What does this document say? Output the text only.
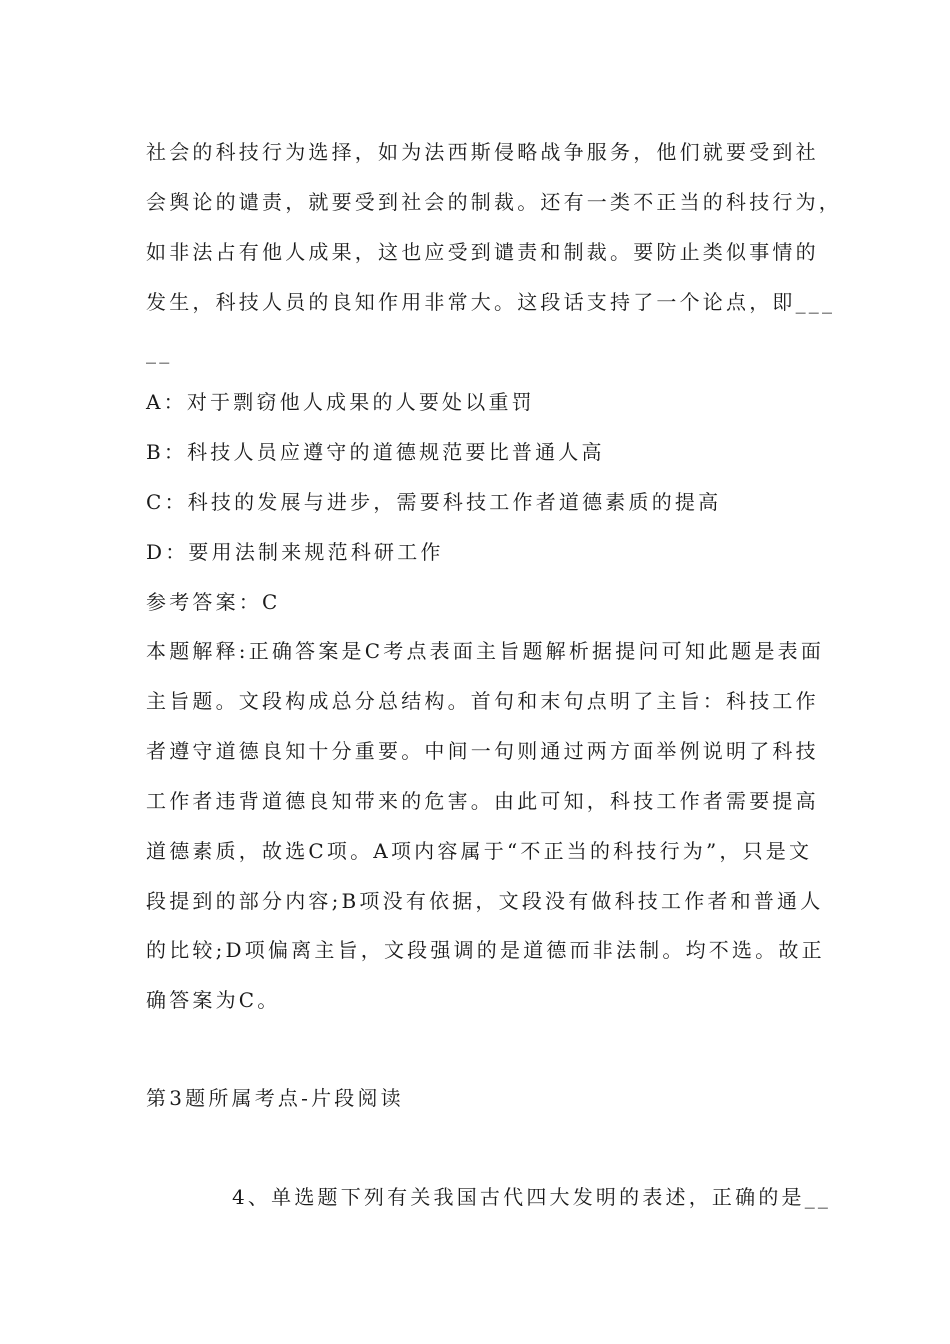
社会的科技行为选择，如为法西斯侵略战争服务，他们就要受到社
会舆论的谴责，就要受到社会的制裁。还有一类不正当的科技行为，
如非法占有他人成果，这也应受到谴责和制裁。要防止类似事情的
发生，科技人员的良知作用非常大。这段话支持了一个论点，即___
__
A：对于剽窃他人成果的人要处以重罚
B：科技人员应遵守的道德规范要比普通人高
C：科技的发展与进步，需要科技工作者道德素质的提高
D：要用法制来规范科研工作
参考答案：C
本题解释:正确答案是C考点表面主旨题解析据提问可知此题是表面
主旨题。文段构成总分总结构。首句和末句点明了主旨：科技工作
者遵守道德良知十分重要。中间一句则通过两方面举例说明了科技
工作者违背道德良知带来的危害。由此可知，科技工作者需要提高
道德素质，故选C项。A项内容属于“不正当的科技行为”，只是文
段提到的部分内容;B项没有依据，文段没有做科技工作者和普通人
的比较;D项偏离主旨，文段强调的是道德而非法制。均不选。故正
确答案为C。
第3题所属考点-片段阅读
4、单选题下列有关我国古代四大发明的表述，正确的是__
